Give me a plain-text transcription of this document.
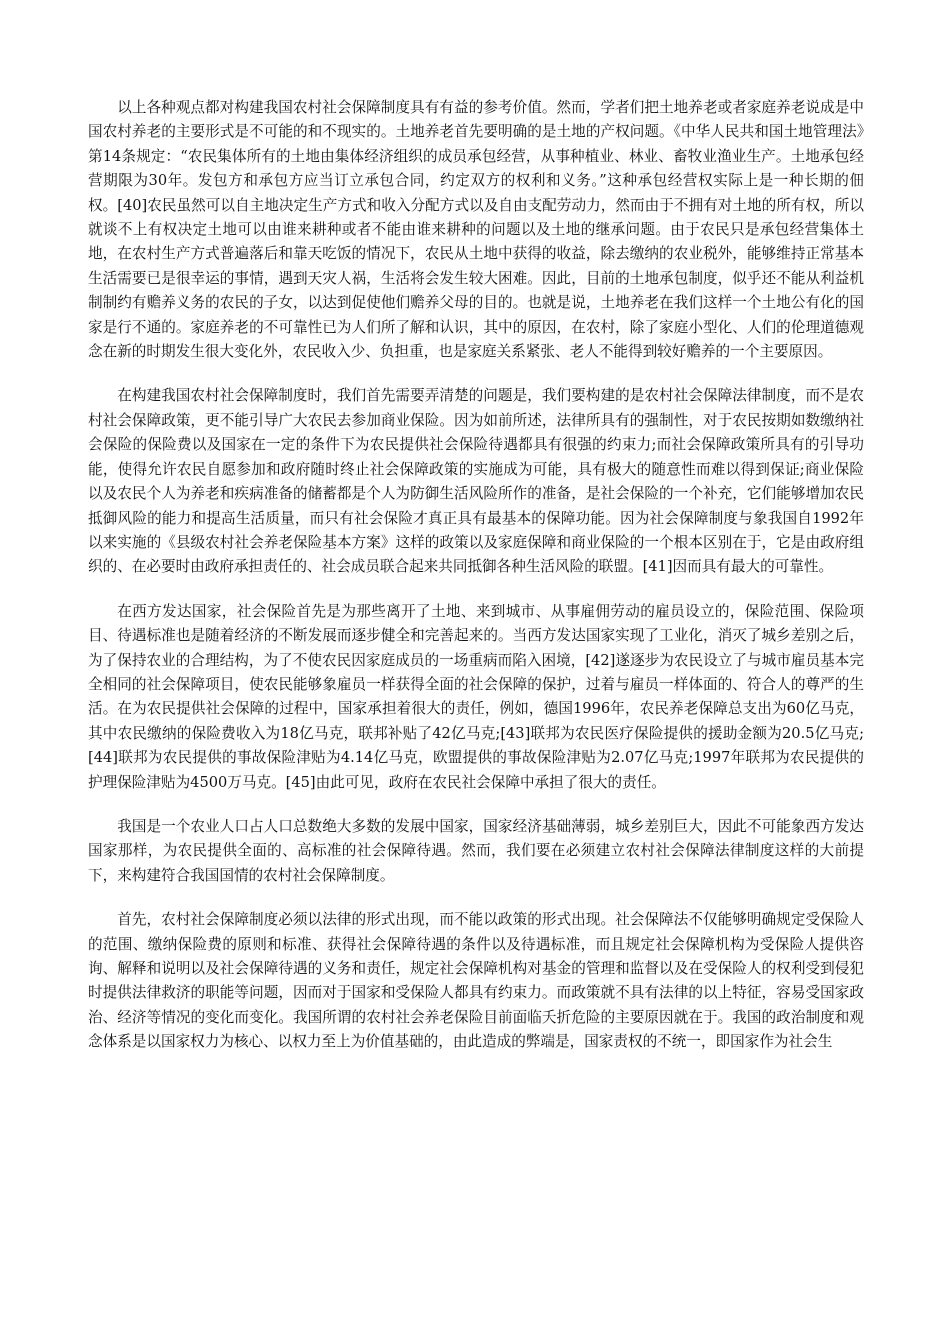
以上各种观点都对构建我国农村社会保障制度具有有益的参考价值。然而，学者们把土地养老或者家庭养老说成是中国农村养老的主要形式是不可能的和不现实的。土地养老首先要明确的是土地的产权问题。《中华人民共和国土地管理法》第14条规定：“农民集体所有的土地由集体经济组织的成员承包经营，从事种植业、林业、畜牧业渔业生产。土地承包经营期限为30年。发包方和承包方应当订立承包合同，约定双方的权利和义务。”这种承包经营权实际上是一种长期的佃权。[40]农民虽然可以自主地决定生产方式和收入分配方式以及自由支配劳动力，然而由于不拥有对土地的所有权，所以就谈不上有权决定土地可以由谁来耕种或者不能由谁来耕种的问题以及土地的继承问题。由于农民只是承包经营集体土地，在农村生产方式普遍落后和靠天吃饭的情况下，农民从土地中获得的收益，除去缴纳的农业税外，能够维持正常基本生活需要已是很幸运的事情，遇到天灾人祸，生活将会发生较大困难。因此，目前的土地承包制度，似乎还不能从利益机制制约有赡养义务的农民的子女，以达到促使他们赡养父母的目的。也就是说，土地养老在我们这样一个土地公有化的国家是行不通的。家庭养老的不可靠性已为人们所了解和认识，其中的原因，在农村，除了家庭小型化、人们的伦理道德观念在新的时期发生很大变化外，农民收入少、负担重，也是家庭关系紧张、老人不能得到较好赡养的一个主要原因。

在构建我国农村社会保障制度时，我们首先需要弄清楚的问题是，我们要构建的是农村社会保障法律制度，而不是农村社会保障政策，更不能引导广大农民去参加商业保险。因为如前所述，法律所具有的强制性，对于农民按期如数缴纳社会保险的保险费以及国家在一定的条件下为农民提供社会保险待遇都具有很强的约束力;而社会保障政策所具有的引导功能，使得允许农民自愿参加和政府随时终止社会保障政策的实施成为可能，具有极大的随意性而难以得到保证;商业保险以及农民个人为养老和疾病准备的储蓄都是个人为防御生活风险所作的准备，是社会保险的一个补充，它们能够增加农民抵御风险的能力和提高生活质量，而只有社会保险才真正具有最基本的保障功能。因为社会保障制度与象我国自1992年以来实施的《县级农村社会养老保险基本方案》这样的政策以及家庭保障和商业保险的一个根本区别在于，它是由政府组织的、在必要时由政府承担责任的、社会成员联合起来共同抵御各种生活风险的联盟。[41]因而具有最大的可靠性。

在西方发达国家，社会保险首先是为那些离开了土地、来到城市、从事雇佣劳动的雇员设立的，保险范围、保险项目、待遇标准也是随着经济的不断发展而逐步健全和完善起来的。当西方发达国家实现了工业化，消灭了城乡差别之后，为了保持农业的合理结构，为了不使农民因家庭成员的一场重病而陷入困境，[42]遂逐步为农民设立了与城市雇员基本完全相同的社会保障项目，使农民能够象雇员一样获得全面的社会保障的保护，过着与雇员一样体面的、符合人的尊严的生活。在为农民提供社会保障的过程中，国家承担着很大的责任，例如，德国1996年，农民养老保障总支出为60亿马克，其中农民缴纳的保险费收入为18亿马克，联邦补贴了42亿马克;[43]联邦为农民医疗保险提供的援助金额为20.5亿马克;[44]联邦为农民提供的事故保险津贴为4.14亿马克，欧盟提供的事故保险津贴为2.07亿马克;1997年联邦为农民提供的护理保险津贴为4500万马克。[45]由此可见，政府在农民社会保障中承担了很大的责任。

我国是一个农业人口占人口总数绝大多数的发展中国家，国家经济基础薄弱，城乡差别巨大，因此不可能象西方发达国家那样，为农民提供全面的、高标准的社会保障待遇。然而，我们要在必须建立农村社会保障法律制度这样的大前提下，来构建符合我国国情的农村社会保障制度。

首先，农村社会保障制度必须以法律的形式出现，而不能以政策的形式出现。社会保障法不仅能够明确规定受保险人的范围、缴纳保险费的原则和标准、获得社会保障待遇的条件以及待遇标准，而且规定社会保障机构为受保险人提供咨询、解释和说明以及社会保障待遇的义务和责任，规定社会保障机构对基金的管理和监督以及在受保险人的权利受到侵犯时提供法律救济的职能等问题，因而对于国家和受保险人都具有约束力。而政策就不具有法律的以上特征，容易受国家政治、经济等情况的变化而变化。我国所谓的农村社会养老保险目前面临夭折危险的主要原因就在于。我国的政治制度和观念体系是以国家权力为核心、以权力至上为价值基础的，由此造成的弊端是，国家责权的不统一，即国家作为社会生
